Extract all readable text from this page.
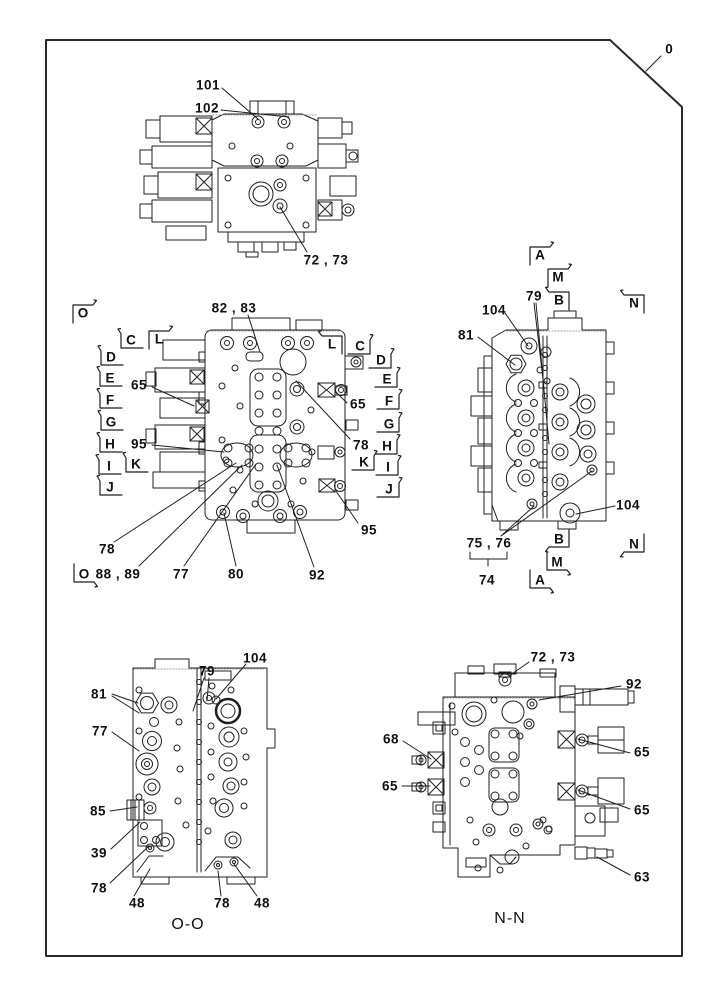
0
101
102
72 , 73
82 , 83
65
95
78
88 , 89 77	80	92
65
78
95
79
104
81
104
75 , 76
74
104
79
81
77
85
39
78
48	78 48
72 , 73
92
68
65
65
65
63
O
C L
D
E
F
G
H
I K
J
O
L C
D
E
F
G
H
K I
J
A
M
B	N
B	N
M
A
O-O	N-N
